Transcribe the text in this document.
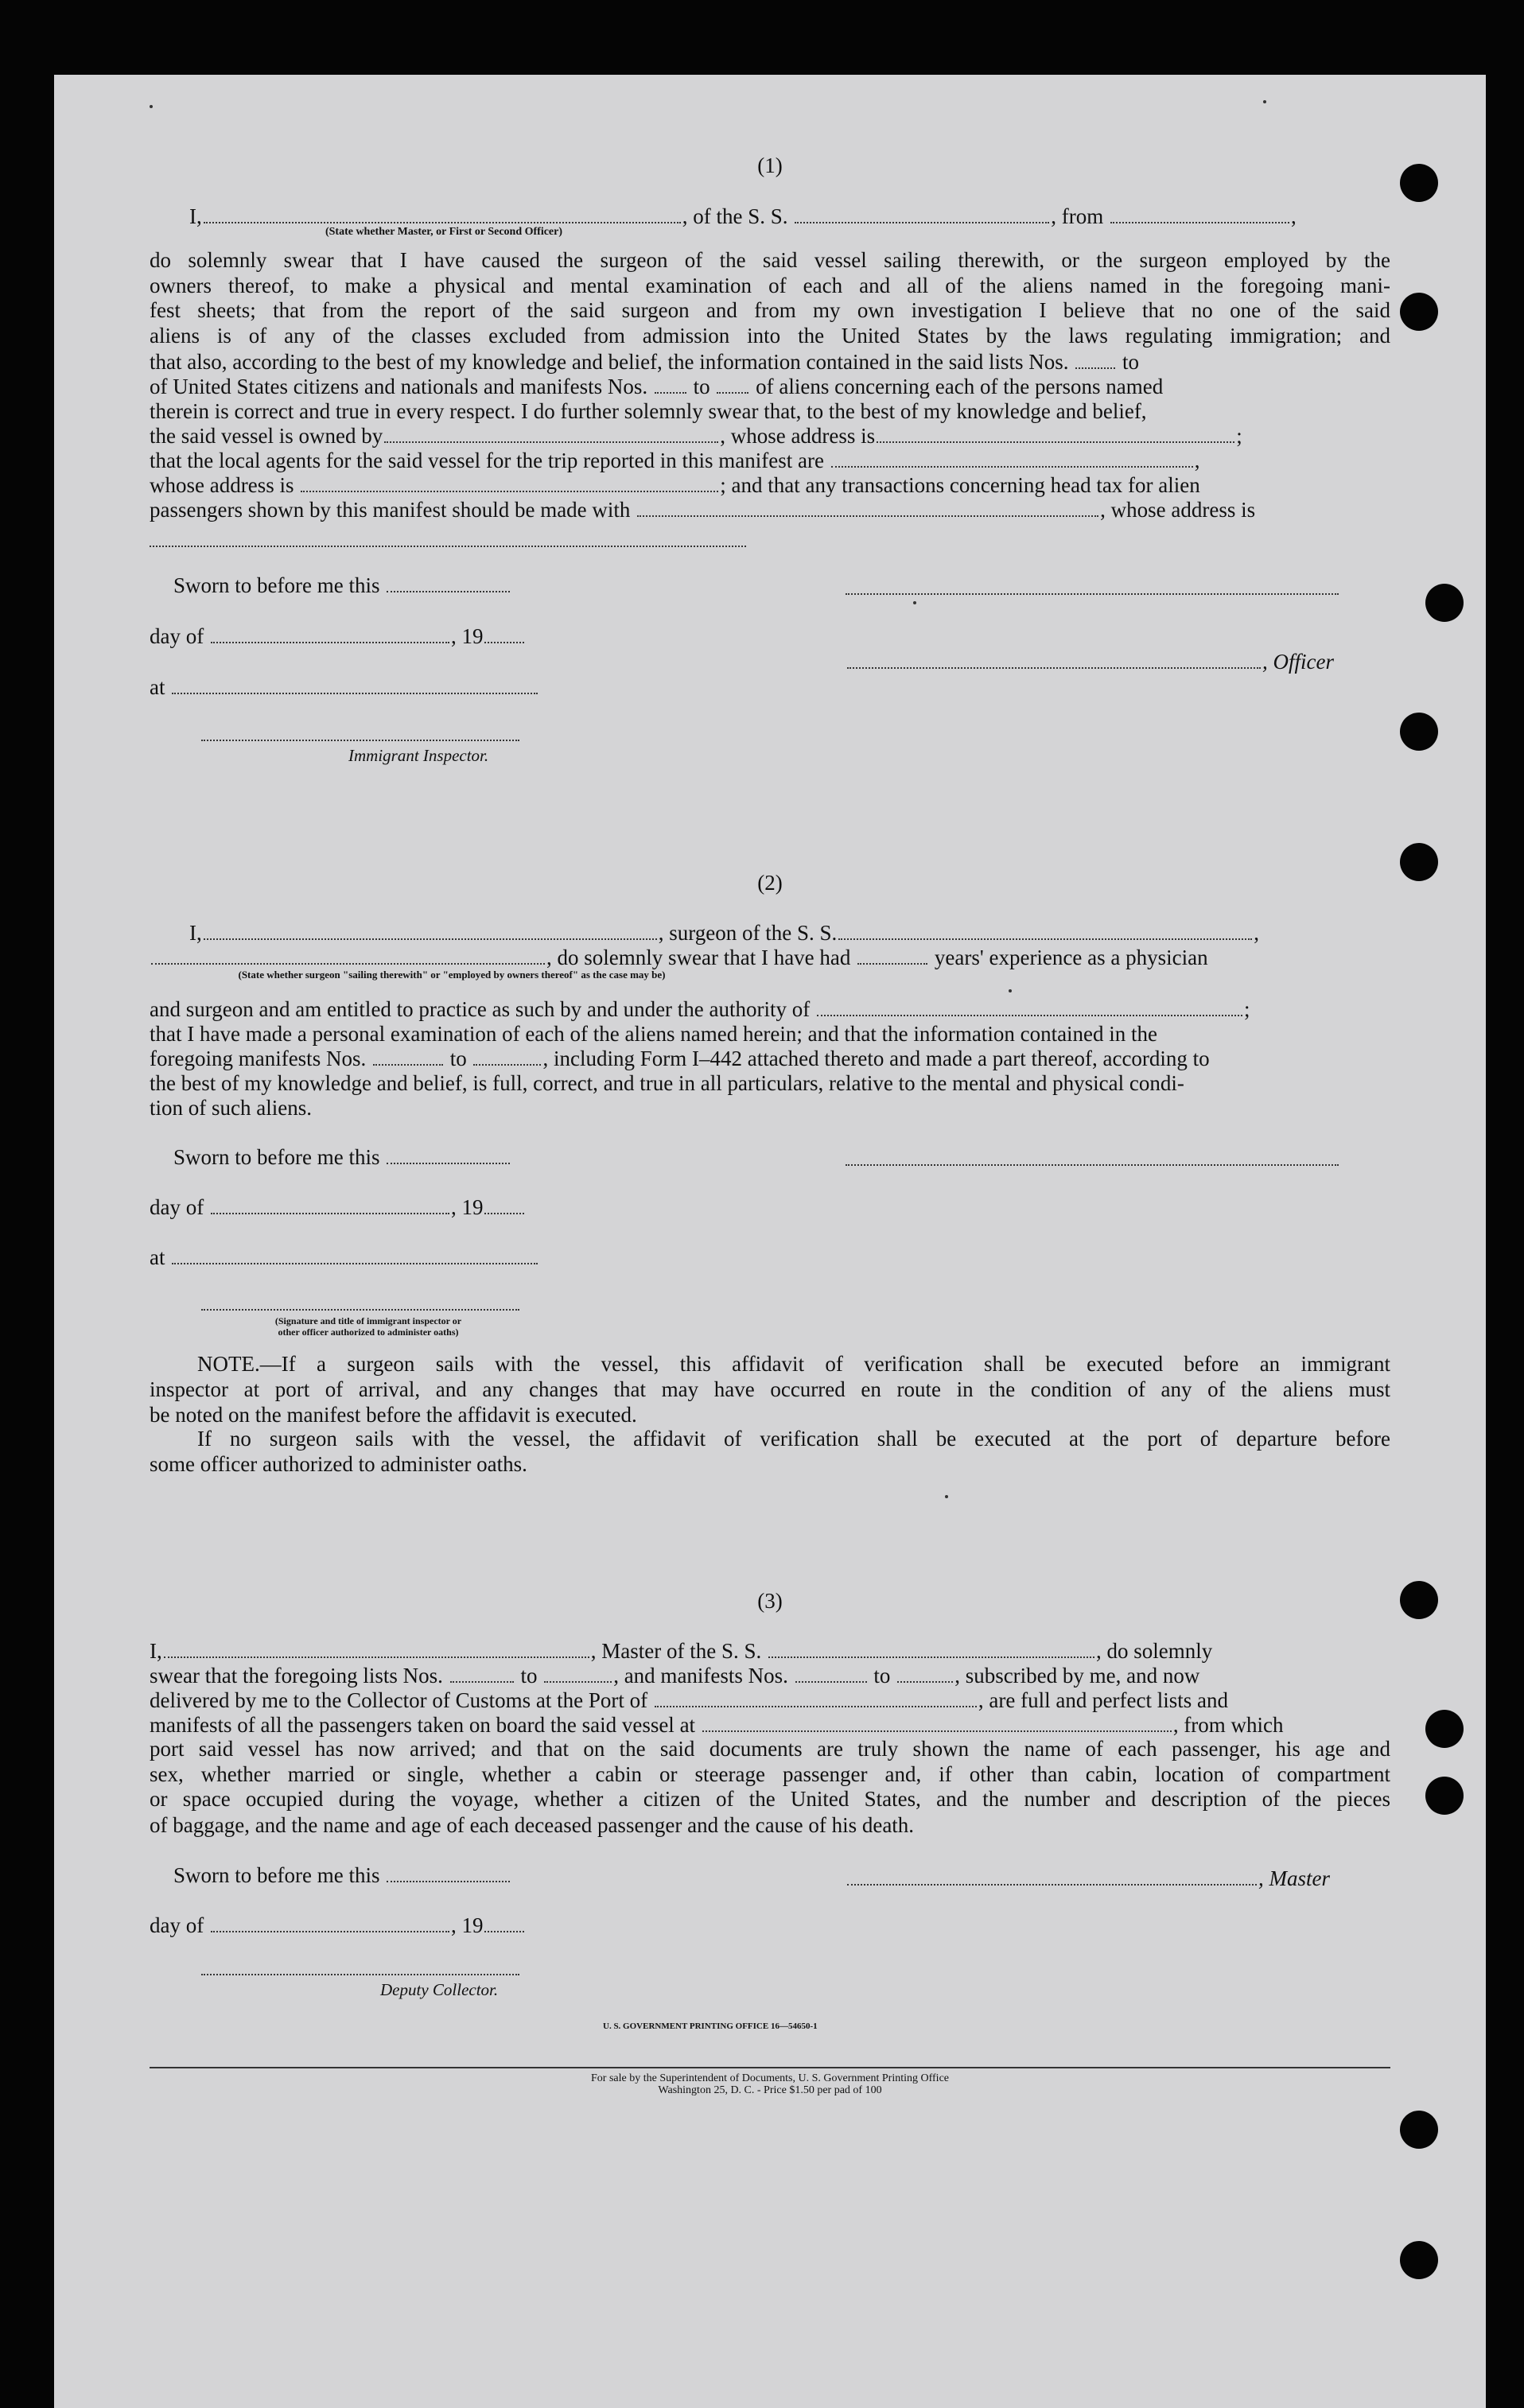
(1)
I,	, of the S. S.	, from	,
(State whether Master, or First or Second Officer)
do solemnly swear that I have caused the surgeon of the said vessel sailing therewith, or the surgeon employed by the
owners thereof, to make a physical and mental examination of each and all of the aliens named in the foregoing mani-
fest sheets; that from the report of the said surgeon and from my own investigation I believe that no one of the said
aliens is of any of the classes excluded from admission into the United States by the laws regulating immigration; and
that also, according to the best of my knowledge and belief, the information contained in the said lists Nos.	to
of United States citizens and nationals and manifests Nos. to of aliens concerning each of the persons named
therein is correct and true in every respect. I do further solemnly swear that, to the best of my knowledge and belief,
the said vessel is owned by	, whose address is	;
that the local agents for the said vessel for the trip reported in this manifest are	,
whose address is	; and that any transactions concerning head tax for alien
passengers shown by this manifest should be made with	, whose address is
Sworn to before me this
day of	, 19
, Officer
at
Immigrant Inspector.
(2)
I,	, surgeon of the S. S.	,
, do solemnly swear that I have had	years' experience as a physician
(State whether surgeon "sailing therewith" or "employed by owners thereof" as the case may be)
and surgeon and am entitled to practice as such by and under the authority of	;
that I have made a personal examination of each of the aliens named herein; and that the information contained in the
foregoing manifests Nos.	to	, including Form I–442 attached thereto and made a part thereof, according to
the best of my knowledge and belief, is full, correct, and true in all particulars, relative to the mental and physical condi-
tion of such aliens.
Sworn to before me this
day of	, 19
at
(Signature and title of immigrant inspector or
other officer authorized to administer oaths)
NOTE.—If a surgeon sails with the vessel, this affidavit of verification shall be executed before an immigrant
inspector at port of arrival, and any changes that may have occurred en route in the condition of any of the aliens must
be noted on the manifest before the affidavit is executed.
If no surgeon sails with the vessel, the affidavit of verification shall be executed at the port of departure before
some officer authorized to administer oaths.
(3)
I,	, Master of the S. S.	, do solemnly
swear that the foregoing lists Nos.	to	, and manifests Nos.	to	, subscribed by me, and now
delivered by me to the Collector of Customs at the Port of	, are full and perfect lists and
manifests of all the passengers taken on board the said vessel at	, from which
port said vessel has now arrived; and that on the said documents are truly shown the name of each passenger, his age and
sex, whether married or single, whether a cabin or steerage passenger and, if other than cabin, location of compartment
or space occupied during the voyage, whether a citizen of the United States, and the number and description of the pieces
of baggage, and the name and age of each deceased passenger and the cause of his death.
Sworn to before me this	, Master
day of	, 19
Deputy Collector.
U. S. GOVERNMENT PRINTING OFFICE 16—54650-1
For sale by the Superintendent of Documents, U. S. Government Printing Office
Washington 25, D. C. - Price $1.50 per pad of 100
